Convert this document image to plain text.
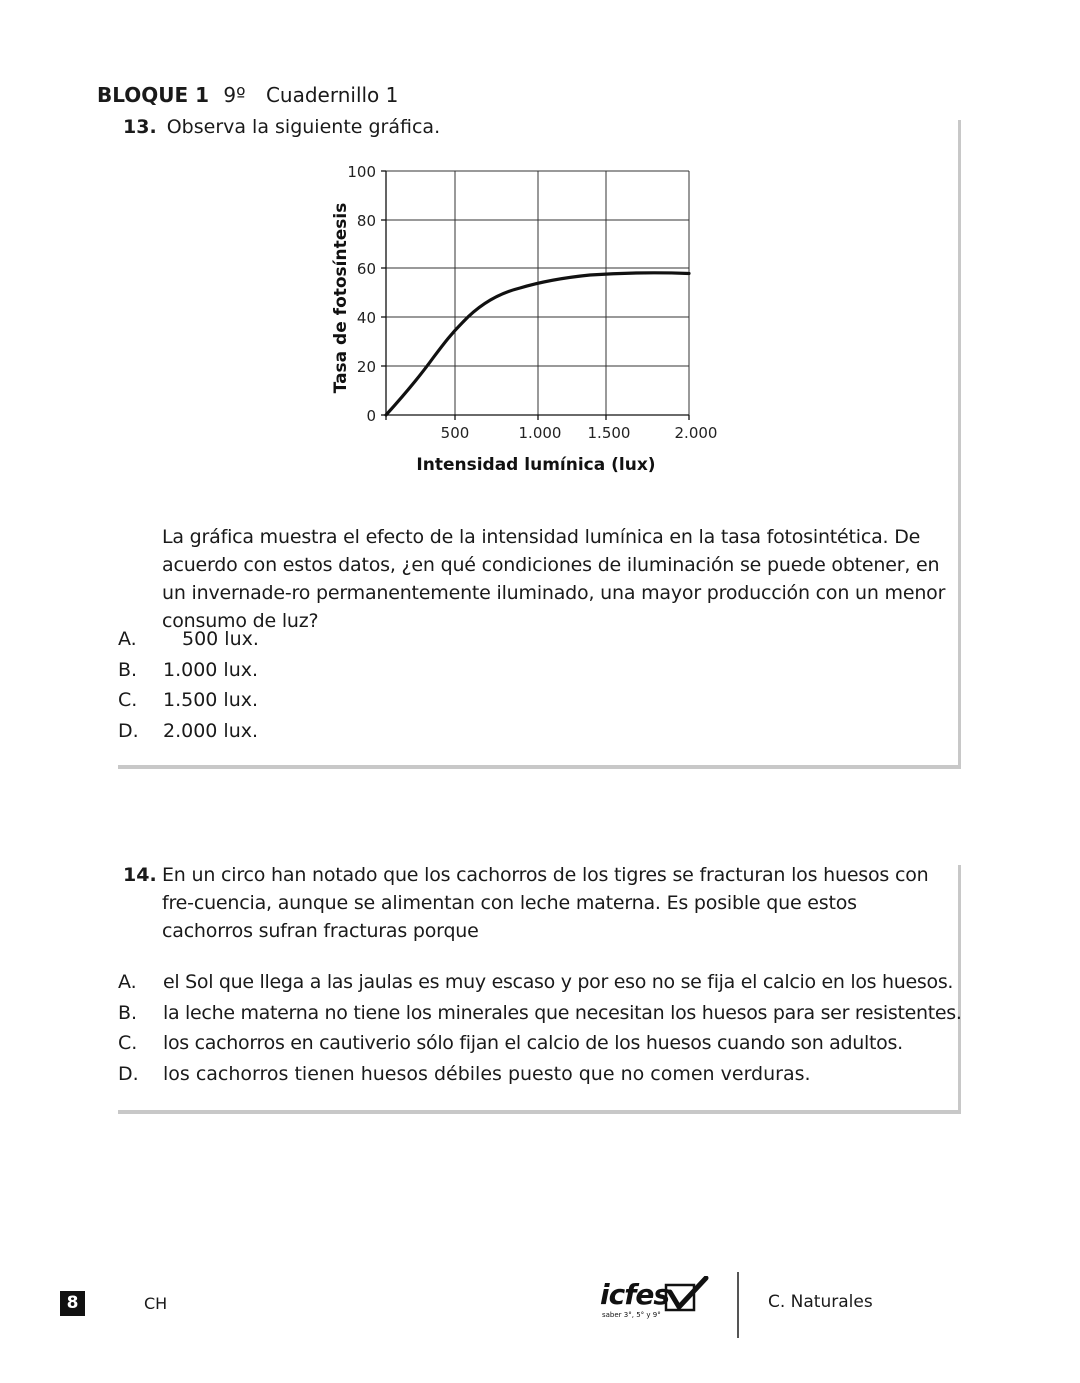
BLOQUE 1 9º Cuadernillo 1
13. Observa la siguiente gráfica.
100
80
60
40
20
0
500	1.000 1.500	2.000
Intensidad lumínica (lux)
Tasa de fotosíntesis
La gráfica muestra el efecto de la intensidad lumínica en la tasa fotosintética. De acuerdo con estos datos, ¿en qué condiciones de iluminación se puede obtener, en un invernade-ro permanentemente iluminado, una mayor producción con un menor consumo de luz?
A.	500 lux.
B.	1.000 lux.
C.	1.500 lux.
D.	2.000 lux.
14. En un circo han notado que los cachorros de los tigres se fracturan los huesos con fre-cuencia, aunque se alimentan con leche materna. Es posible que estos cachorros sufran fracturas porque
A.	el Sol que llega a las jaulas es muy escaso y por eso no se fija el calcio en los huesos.
B.	la leche materna no tiene los minerales que necesitan los huesos para ser resistentes.
C.	los cachorros en cautiverio sólo fijan el calcio de los huesos cuando son adultos.
D.	los cachorros tienen huesos débiles puesto que no comen verduras.
8	CH	icfes
saber 3°, 5° y 9°
C. Naturales
